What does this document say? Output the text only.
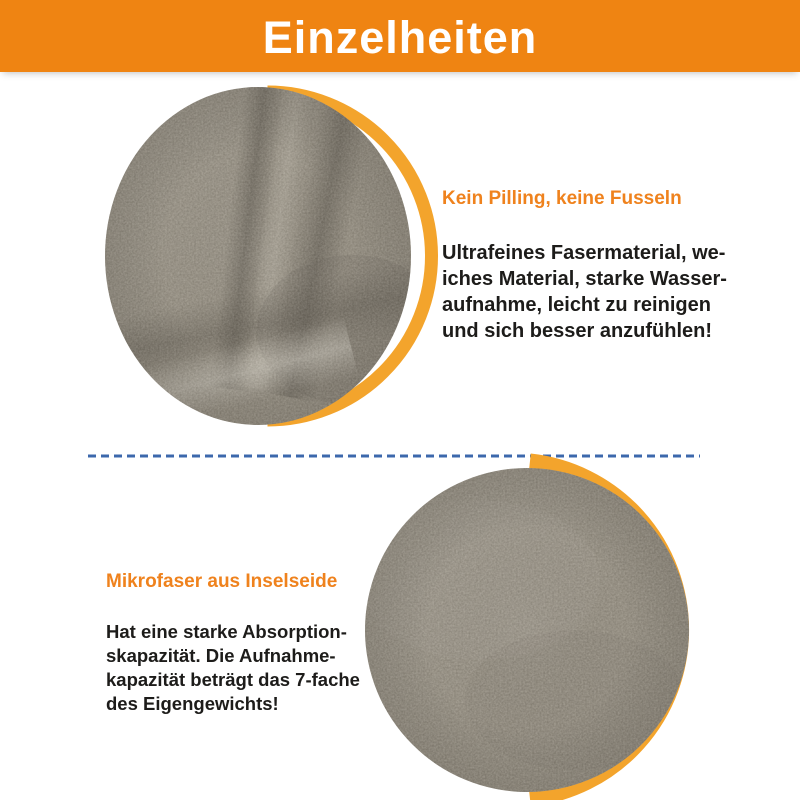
Einzelheiten
Kein Pilling, keine Fusseln
Ultrafeines Fasermaterial, we-
iches Material, starke Wasser-
aufnahme, leicht zu reinigen
und sich besser anzufühlen!
Mikrofaser aus Inselseide
Hat eine starke Absorption-
skapazität. Die Aufnahme-
kapazität beträgt das 7-fache
des Eigengewichts!
